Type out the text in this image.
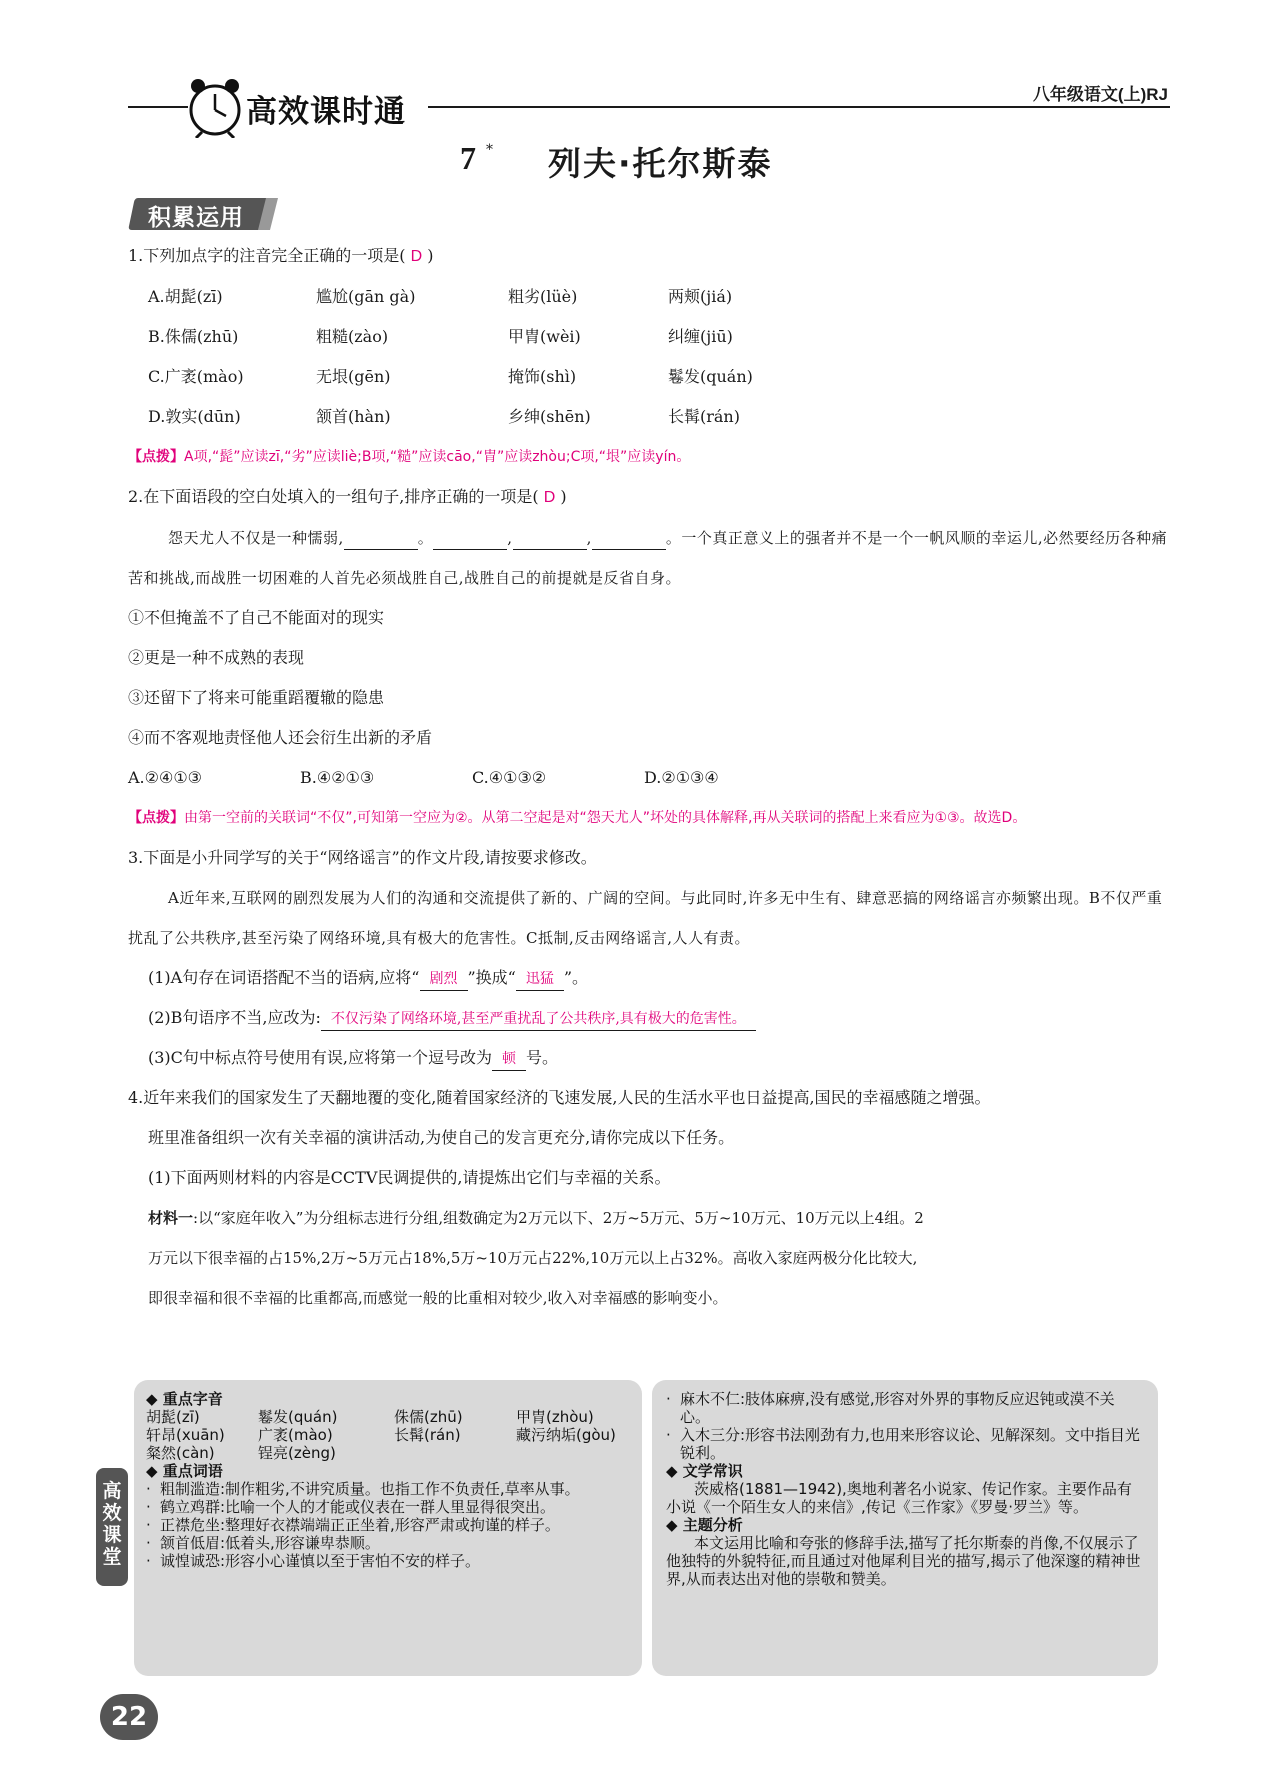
高效课时通	八年级语文(上)RJ
7 * 列夫·托尔斯泰
积累运用
1.下列加点字的注音完全正确的一项是( D )
A.胡髭(zī)	尴尬(gān gà)	粗劣(lüè)	两颊(jiá)
B.侏儒(zhū)	粗糙(zào)	甲胄(wèi)	纠缠(jiū)
C.广袤(mào)	无垠(gēn)	掩饰(shì)	鬈发(quán)
D.敦实(dūn)	颔首(hàn)	乡绅(shēn)	长髯(rán)
【点拨】A项,“髭”应读zī,“劣”应读liè;B项,“糙”应读cāo,“胄”应读zhòu;C项,“垠”应读yín。
2.在下面语段的空白处填入的一组句子,排序正确的一项是( D )
怨天尤人不仅是一种懦弱,	。	,	,	。一个真正意义上的强者并不是一个一帆风顺的幸运儿,必然要经历各种痛苦和挑战,而战胜一切困难的人首先必须战胜自己,战胜自己的前提就是反省自身。
①不但掩盖不了自己不能面对的现实
②更是一种不成熟的表现
③还留下了将来可能重蹈覆辙的隐患
④而不客观地责怪他人还会衍生出新的矛盾
A.②④①③	B.④②①③	C.④①③②	D.②①③④
【点拨】由第一空前的关联词“不仅”,可知第一空应为②。从第二空起是对“怨天尤人”坏处的具体解释,再从关联词的搭配上来看应为①③。故选D。
3.下面是小升同学写的关于“网络谣言”的作文片段,请按要求修改。
A近年来,互联网的剧烈发展为人们的沟通和交流提供了新的、广阔的空间。与此同时,许多无中生有、肆意恶搞的网络谣言亦频繁出现。B不仅严重扰乱了公共秩序,甚至污染了网络环境,具有极大的危害性。C抵制,反击网络谣言,人人有责。
(1)A句存在词语搭配不当的语病,应将“ 剧烈 ”换成“ 迅猛 ”。
(2)B句语序不当,应改为: 不仅污染了网络环境,甚至严重扰乱了公共秩序,具有极大的危害性。
(3)C句中标点符号使用有误,应将第一个逗号改为 顿 号。
4.近年来我们的国家发生了天翻地覆的变化,随着国家经济的飞速发展,人民的生活水平也日益提高,国民的幸福感随之增强。
班里准备组织一次有关幸福的演讲活动,为使自己的发言更充分,请你完成以下任务。
(1)下面两则材料的内容是CCTV民调提供的,请提炼出它们与幸福的关系。
材料一:以“家庭年收入”为分组标志进行分组,组数确定为2万元以下、2万~5万元、5万~10万元、10万元以上4组。2
万元以下很幸福的占15%,2万~5万元占18%,5万~10万元占22%,10万元以上占32%。高收入家庭两极分化比较大,
即很幸福和很不幸福的比重都高,而感觉一般的比重相对较少,收入对幸福感的影响变小。
高效课堂
◆ 重点字音
胡髭(zī)	鬈发(quán)	侏儒(zhū)	甲胄(zhòu)
轩昂(xuān)	广袤(mào)	长髯(rán)	藏污纳垢(gòu)
粲然(càn)	锃亮(zèng)
◆ 重点词语
· 粗制滥造:制作粗劣,不讲究质量。也指工作不负责任,草率从事。
· 鹤立鸡群:比喻一个人的才能或仪表在一群人里显得很突出。
· 正襟危坐:整理好衣襟端端正正坐着,形容严肃或拘谨的样子。
· 颔首低眉:低着头,形容谦卑恭顺。
· 诚惶诚恐:形容小心谨慎以至于害怕不安的样子。
· 麻木不仁:肢体麻痹,没有感觉,形容对外界的事物反应迟钝或漠不关心。
· 入木三分:形容书法刚劲有力,也用来形容议论、见解深刻。文中指目光锐利。
◆ 文学常识
茨威格(1881—1942),奥地利著名小说家、传记作家。主要作品有小说《一个陌生女人的来信》,传记《三作家》《罗曼·罗兰》等。
◆ 主题分析
本文运用比喻和夸张的修辞手法,描写了托尔斯泰的肖像,不仅展示了他独特的外貌特征,而且通过对他犀利目光的描写,揭示了他深邃的精神世界,从而表达出对他的崇敬和赞美。
22
